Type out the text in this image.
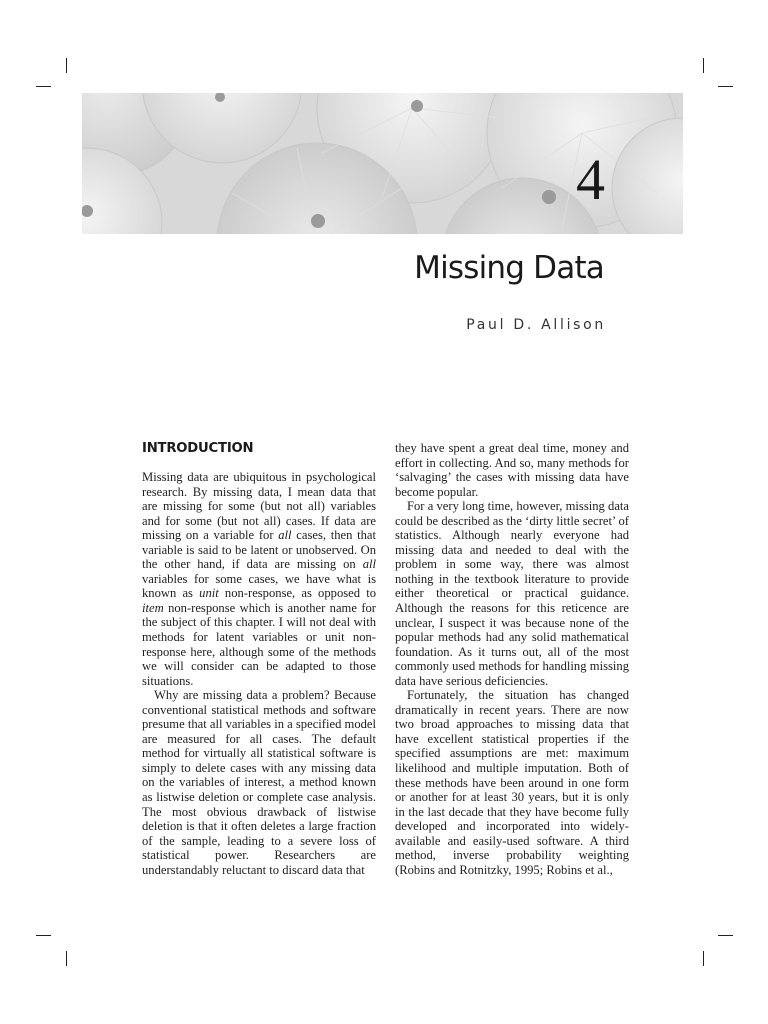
4
Missing Data
Paul D. Allison
INTRODUCTION

Missing data are ubiquitous in psychological research. By missing data, I mean data that are missing for some (but not all) variables and for some (but not all) cases. If data are missing on a variable for all cases, then that variable is said to be latent or unobserved. On the other hand, if data are missing on all variables for some cases, we have what is known as unit non-response, as opposed to item non-response which is another name for the subject of this chapter. I will not deal with methods for latent variables or unit non-response here, although some of the methods we will consider can be adapted to those situations.

Why are missing data a problem? Because conventional statistical methods and software presume that all variables in a specified model are measured for all cases. The default method for virtually all statistical software is simply to delete cases with any missing data on the variables of interest, a method known as listwise deletion or complete case analysis. The most obvious drawback of listwise deletion is that it often deletes a large fraction of the sample, leading to a severe loss of statistical power. Researchers are understandably reluctant to discard data that

they have spent a great deal time, money and effort in collecting. And so, many methods for ‘salvaging’ the cases with missing data have become popular.

For a very long time, however, missing data could be described as the ‘dirty little secret’ of statistics. Although nearly everyone had missing data and needed to deal with the problem in some way, there was almost nothing in the textbook literature to provide either theoretical or practical guidance. Although the reasons for this reticence are unclear, I suspect it was because none of the popular methods had any solid mathematical foundation. As it turns out, all of the most commonly used methods for handling missing data have serious deficiencies.

Fortunately, the situation has changed dramatically in recent years. There are now two broad approaches to missing data that have excellent statistical properties if the specified assumptions are met: maximum likelihood and multiple imputation. Both of these methods have been around in one form or another for at least 30 years, but it is only in the last decade that they have become fully developed and incorporated into widely-available and easily-used software. A third method, inverse probability weighting (Robins and Rotnitzky, 1995; Robins et al.,
